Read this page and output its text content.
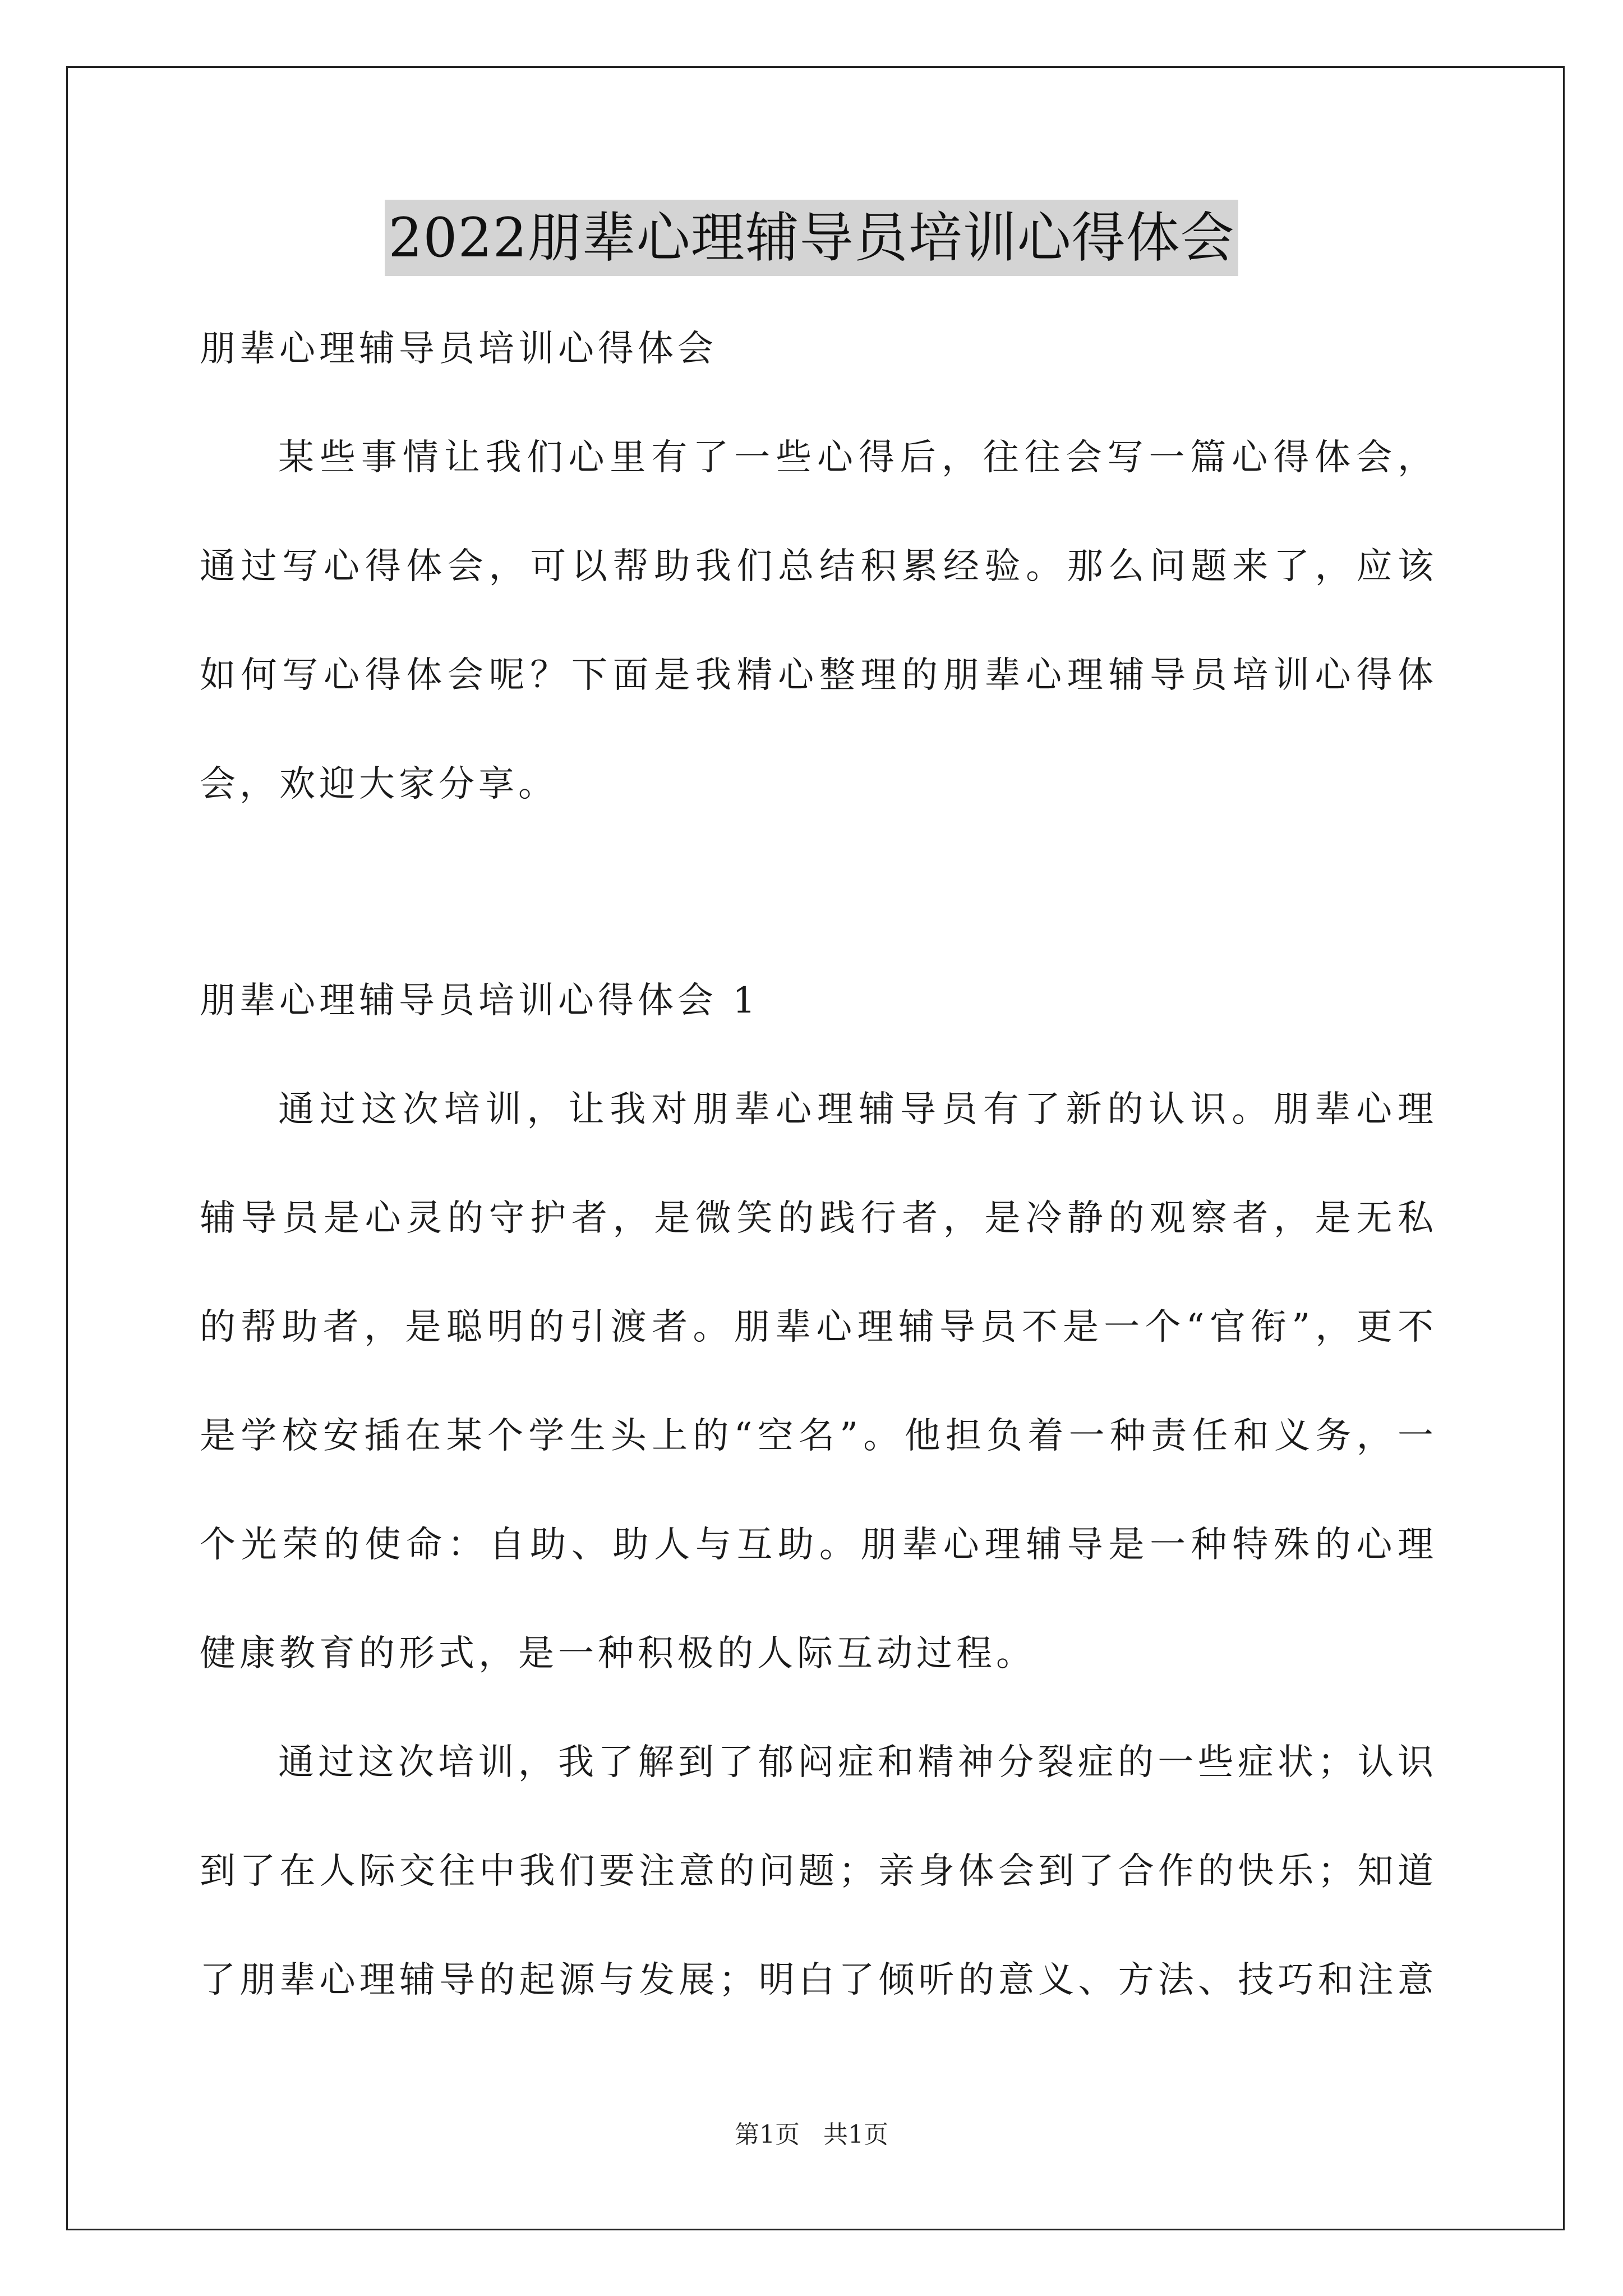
2022朋辈心理辅导员培训心得体会
朋辈心理辅导员培训心得体会
某些事情让我们心里有了一些心得后，往往会写一篇心得体会，
通过写心得体会，可以帮助我们总结积累经验。那么问题来了，应该
如何写心得体会呢？下面是我精心整理的朋辈心理辅导员培训心得体
会，欢迎大家分享。
朋辈心理辅导员培训心得体会 1
通过这次培训，让我对朋辈心理辅导员有了新的认识。朋辈心理
辅导员是心灵的守护者，是微笑的践行者，是冷静的观察者，是无私
的帮助者，是聪明的引渡者。朋辈心理辅导员不是一个“官衔”，更不
是学校安插在某个学生头上的“空名”。他担负着一种责任和义务，一
个光荣的使命：自助、助人与互助。朋辈心理辅导是一种特殊的心理
健康教育的形式，是一种积极的人际互动过程。
通过这次培训，我了解到了郁闷症和精神分裂症的一些症状；认识
到了在人际交往中我们要注意的问题；亲身体会到了合作的快乐；知道
了朋辈心理辅导的起源与发展；明白了倾听的意义、方法、技巧和注意
第1页   共1页
